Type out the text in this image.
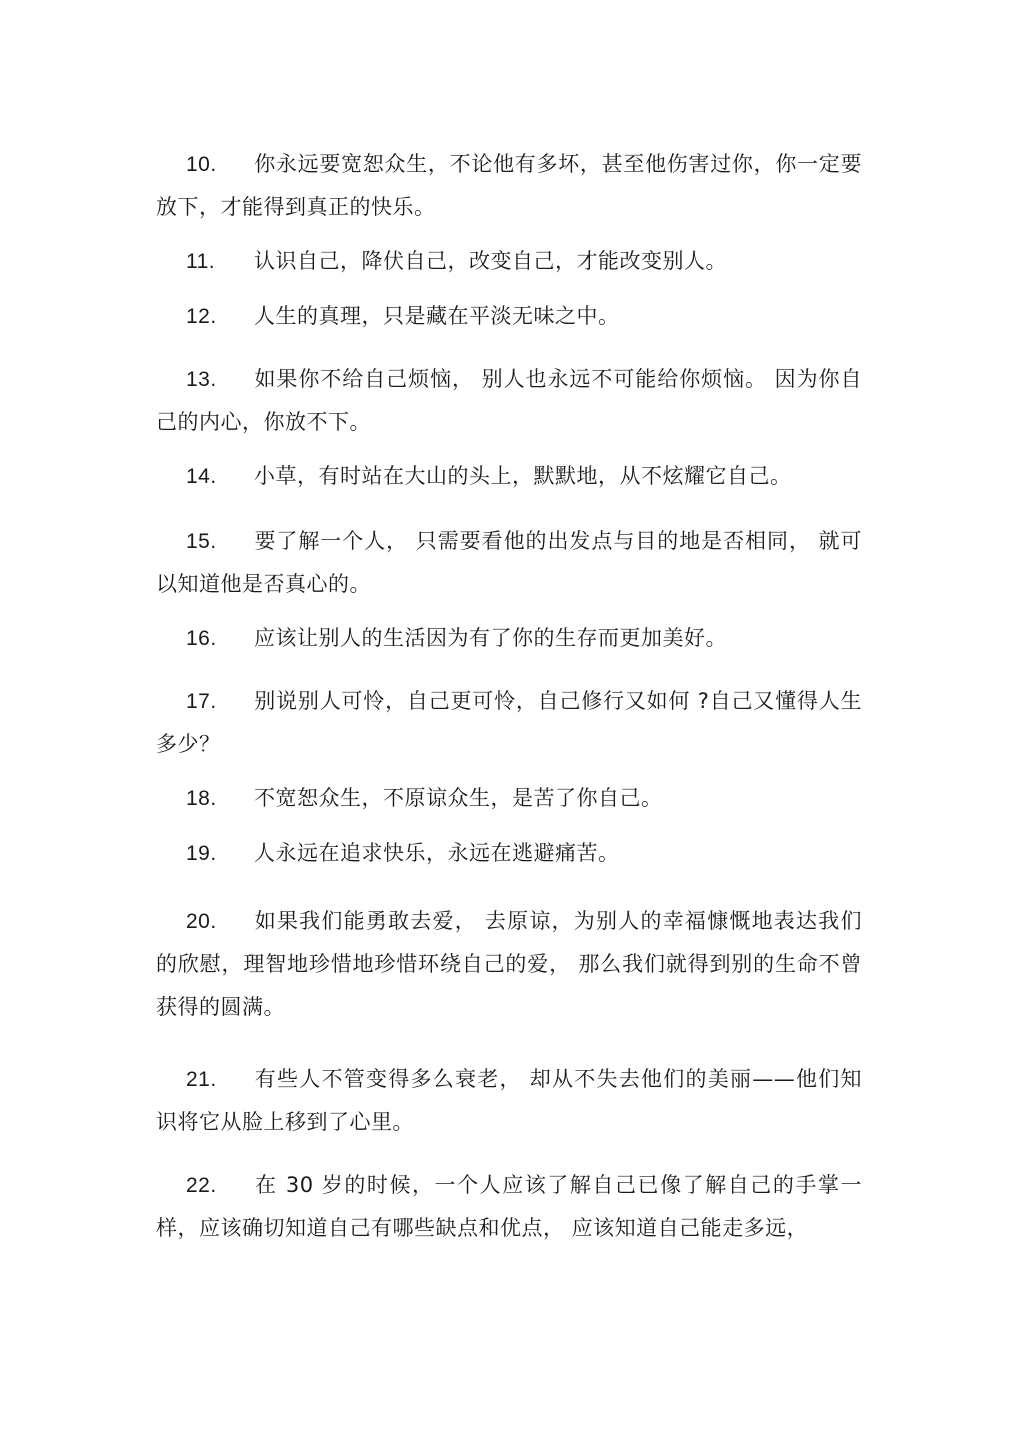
10. 你永远要宽恕众生，不论他有多坏，甚至他伤害过你，你一定要放下，才能得到真正的快乐。
11. 认识自己，降伏自己，改变自己，才能改变别人。
12. 人生的真理，只是藏在平淡无味之中。
13. 如果你不给自己烦恼， 别人也永远不可能给你烦恼。 因为你自己的内心，你放不下。
14. 小草，有时站在大山的头上，默默地，从不炫耀它自己。
15. 要了解一个人， 只需要看他的出发点与目的地是否相同， 就可以知道他是否真心的。
16. 应该让别人的生活因为有了你的生存而更加美好。
17. 别说别人可怜，自己更可怜，自己修行又如何 ?自己又懂得人生多少？
18. 不宽恕众生，不原谅众生，是苦了你自己。
19. 人永远在追求快乐，永远在逃避痛苦。
20. 如果我们能勇敢去爱， 去原谅，为别人的幸福慷慨地表达我们的欣慰，理智地珍惜地珍惜环绕自己的爱， 那么我们就得到别的生命不曾获得的圆满。
21. 有些人不管变得多么衰老， 却从不失去他们的美丽——他们知识将它从脸上移到了心里。
22. 在 30 岁的时候，一个人应该了解自己已像了解自己的手掌一样，应该确切知道自己有哪些缺点和优点， 应该知道自己能走多远，
